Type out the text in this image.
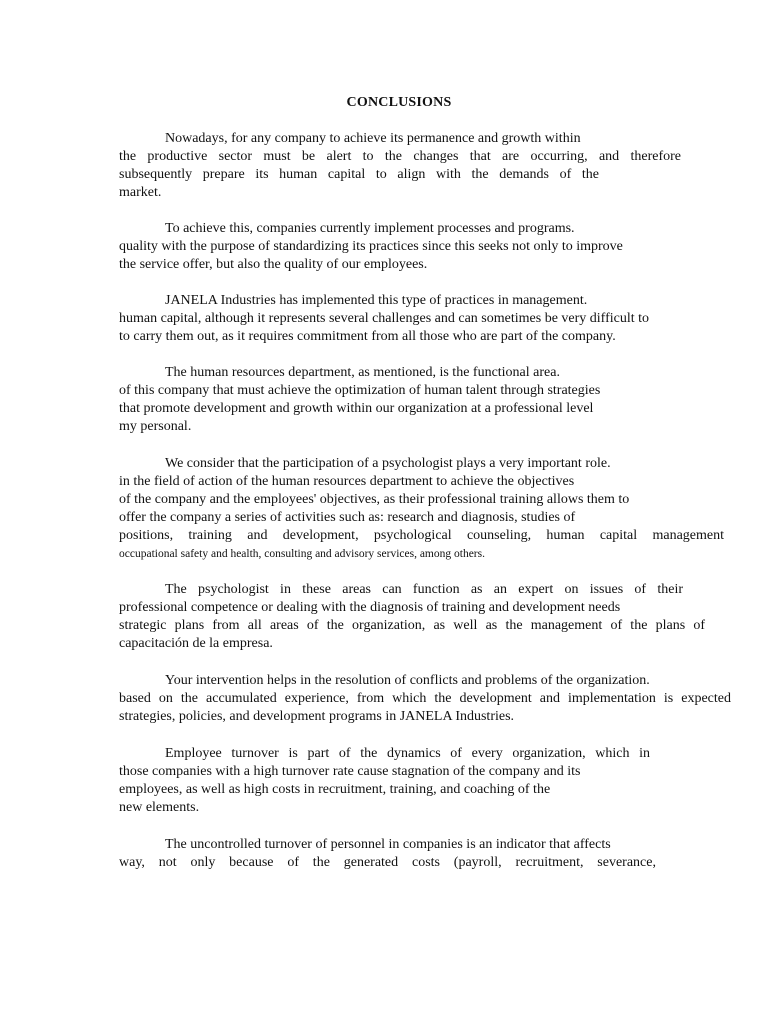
CONCLUSIONS
Nowadays, for any company to achieve its permanence and growth within
the productive sector must be alert to the changes that are occurring, and therefore
subsequently prepare its human capital to align with the demands of the
market.
To achieve this, companies currently implement processes and programs.
quality with the purpose of standardizing its practices since this seeks not only to improve
the service offer, but also the quality of our employees.
JANELA Industries has implemented this type of practices in management.
human capital, although it represents several challenges and can sometimes be very difficult to
to carry them out, as it requires commitment from all those who are part of the company.
The human resources department, as mentioned, is the functional area.
of this company that must achieve the optimization of human talent through strategies
that promote development and growth within our organization at a professional level
my personal.
We consider that the participation of a psychologist plays a very important role.
in the field of action of the human resources department to achieve the objectives
of the company and the employees' objectives, as their professional training allows them to
offer the company a series of activities such as: research and diagnosis, studies of
positions, training and development, psychological counseling, human capital management
occupational safety and health, consulting and advisory services, among others.
The psychologist in these areas can function as an expert on issues of their
professional competence or dealing with the diagnosis of training and development needs
strategic plans from all areas of the organization, as well as the management of the plans of
capacitación de la empresa.
Your intervention helps in the resolution of conflicts and problems of the organization.
based on the accumulated experience, from which the development and implementation is expected
strategies, policies, and development programs in JANELA Industries.
Employee turnover is part of the dynamics of every organization, which in
those companies with a high turnover rate cause stagnation of the company and its
employees, as well as high costs in recruitment, training, and coaching of the
new elements.
The uncontrolled turnover of personnel in companies is an indicator that affects
way, not only because of the generated costs (payroll, recruitment, severance,
